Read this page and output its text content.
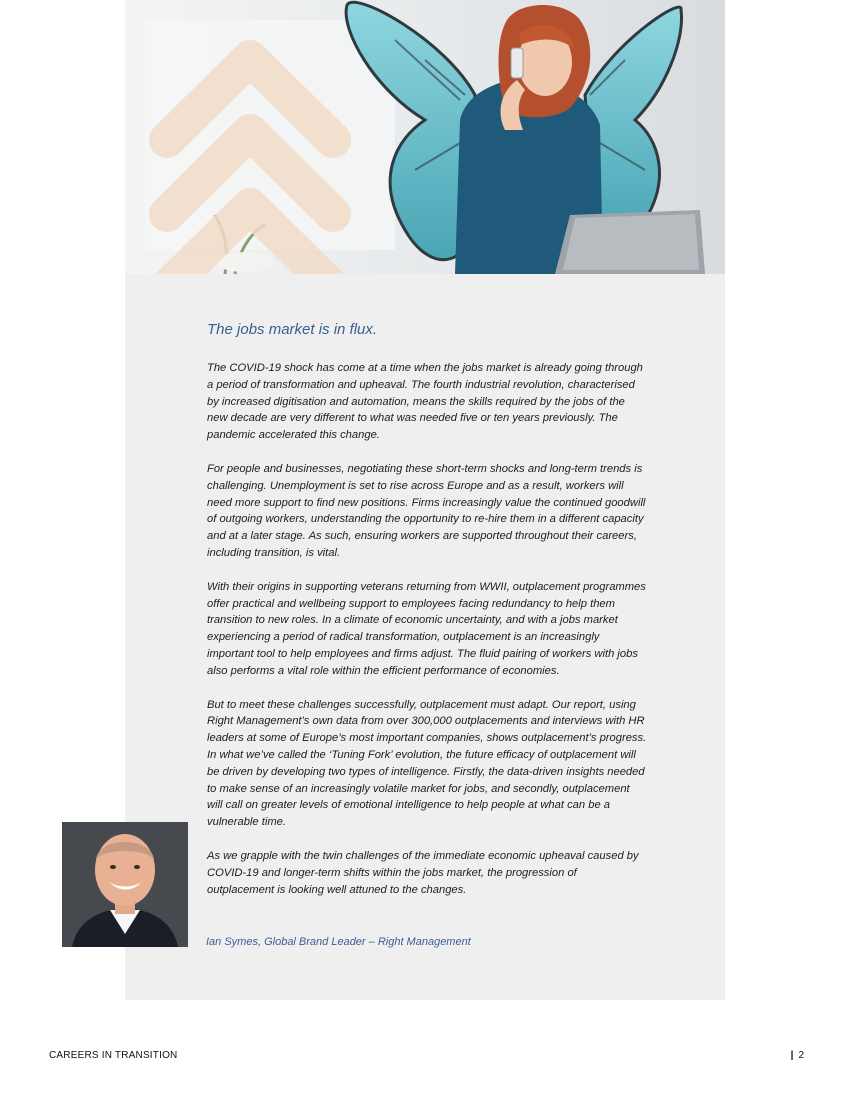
The jobs market is in flux.

The COVID-19 shock has come at a time when the jobs market is already going through a period of transformation and upheaval. The fourth industrial revolution, characterised by increased digitisation and automation, means the skills required by the jobs of the new decade are very different to what was needed five or ten years previously. The pandemic accelerated this change.

For people and businesses, negotiating these short-term shocks and long-term trends is challenging. Unemployment is set to rise across Europe and as a result, workers will need more support to find new positions. Firms increasingly value the continued goodwill of outgoing workers, understanding the opportunity to re-hire them in a different capacity and at a later stage. As such, ensuring workers are supported throughout their careers, including transition, is vital.

With their origins in supporting veterans returning from WWII, outplacement programmes offer practical and wellbeing support to employees facing redundancy to help them transition to new roles. In a climate of economic uncertainty, and with a jobs market experiencing a period of radical transformation, outplacement is an increasingly important tool to help employees and firms adjust. The fluid pairing of workers with jobs also performs a vital role within the efficient performance of economies.

But to meet these challenges successfully, outplacement must adapt. Our report, using Right Management’s own data from over 300,000 outplacements and interviews with HR leaders at some of Europe’s most important companies, shows outplacement’s progress. In what we’ve called the ‘Tuning Fork’ evolution, the future efficacy of outplacement will be driven by developing two types of intelligence. Firstly, the data-driven insights needed to make sense of an increasingly volatile market for jobs, and secondly, outplacement will call on greater levels of emotional intelligence to help people at what can be a vulnerable time.

As we grapple with the twin challenges of the immediate economic upheaval caused by COVID-19 and longer-term shifts within the jobs market, the progression of outplacement is looking well attuned to the changes.

Ian Symes, Global Brand Leader – Right Management
CAREERS IN TRANSITION	| 2
